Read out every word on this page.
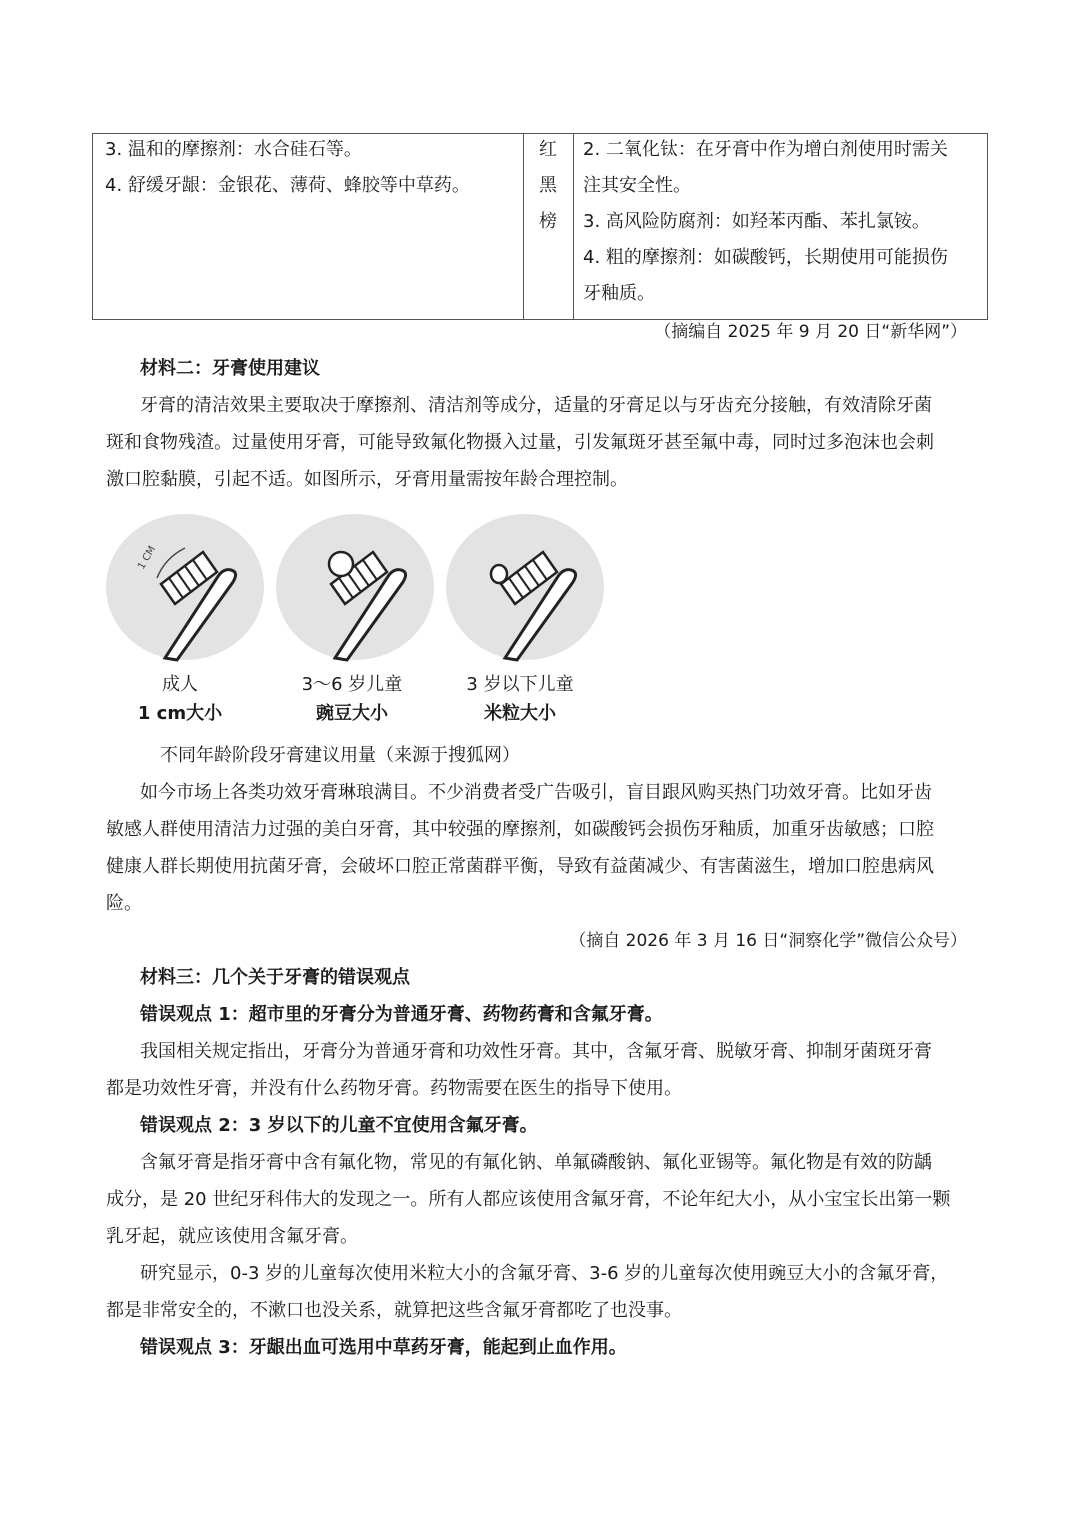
3. 温和的摩擦剂：水合硅石等。
4. 舒缓牙龈：金银花、薄荷、蜂胶等中草药。
红
黑
榜
2. 二氧化钛：在牙膏中作为增白剂使用时需关
注其安全性。
3. 高风险防腐剂：如羟苯丙酯、苯扎氯铵。
4. 粗的摩擦剂：如碳酸钙，长期使用可能损伤
牙釉质。
（摘编自 2025 年 9 月 20 日“新华网”）
材料二：牙膏使用建议
牙膏的清洁效果主要取决于摩擦剂、清洁剂等成分，适量的牙膏足以与牙齿充分接触，有效清除牙菌
斑和食物残渣。过量使用牙膏，可能导致氟化物摄入过量，引发氟斑牙甚至氟中毒，同时过多泡沫也会刺
激口腔黏膜，引起不适。如图所示，牙膏用量需按年龄合理控制。
1 CM
成人
1 cm大小
3～6 岁儿童
豌豆大小
3 岁以下儿童
米粒大小
不同年龄阶段牙膏建议用量（来源于搜狐网）
如今市场上各类功效牙膏琳琅满目。不少消费者受广告吸引，盲目跟风购买热门功效牙膏。比如牙齿
敏感人群使用清洁力过强的美白牙膏，其中较强的摩擦剂，如碳酸钙会损伤牙釉质，加重牙齿敏感；口腔
健康人群长期使用抗菌牙膏，会破坏口腔正常菌群平衡，导致有益菌减少、有害菌滋生，增加口腔患病风
险。
（摘自 2026 年 3 月 16 日“洞察化学”微信公众号）
材料三：几个关于牙膏的错误观点
错误观点 1：超市里的牙膏分为普通牙膏、药物药膏和含氟牙膏。
我国相关规定指出，牙膏分为普通牙膏和功效性牙膏。其中，含氟牙膏、脱敏牙膏、抑制牙菌斑牙膏
都是功效性牙膏，并没有什么药物牙膏。药物需要在医生的指导下使用。
错误观点 2：3 岁以下的儿童不宜使用含氟牙膏。
含氟牙膏是指牙膏中含有氟化物，常见的有氟化钠、单氟磷酸钠、氟化亚锡等。氟化物是有效的防龋
成分，是 20 世纪牙科伟大的发现之一。所有人都应该使用含氟牙膏，不论年纪大小，从小宝宝长出第一颗
乳牙起，就应该使用含氟牙膏。
研究显示，0-3 岁的儿童每次使用米粒大小的含氟牙膏、3-6 岁的儿童每次使用豌豆大小的含氟牙膏，
都是非常安全的，不漱口也没关系，就算把这些含氟牙膏都吃了也没事。
错误观点 3：牙龈出血可选用中草药牙膏，能起到止血作用。
